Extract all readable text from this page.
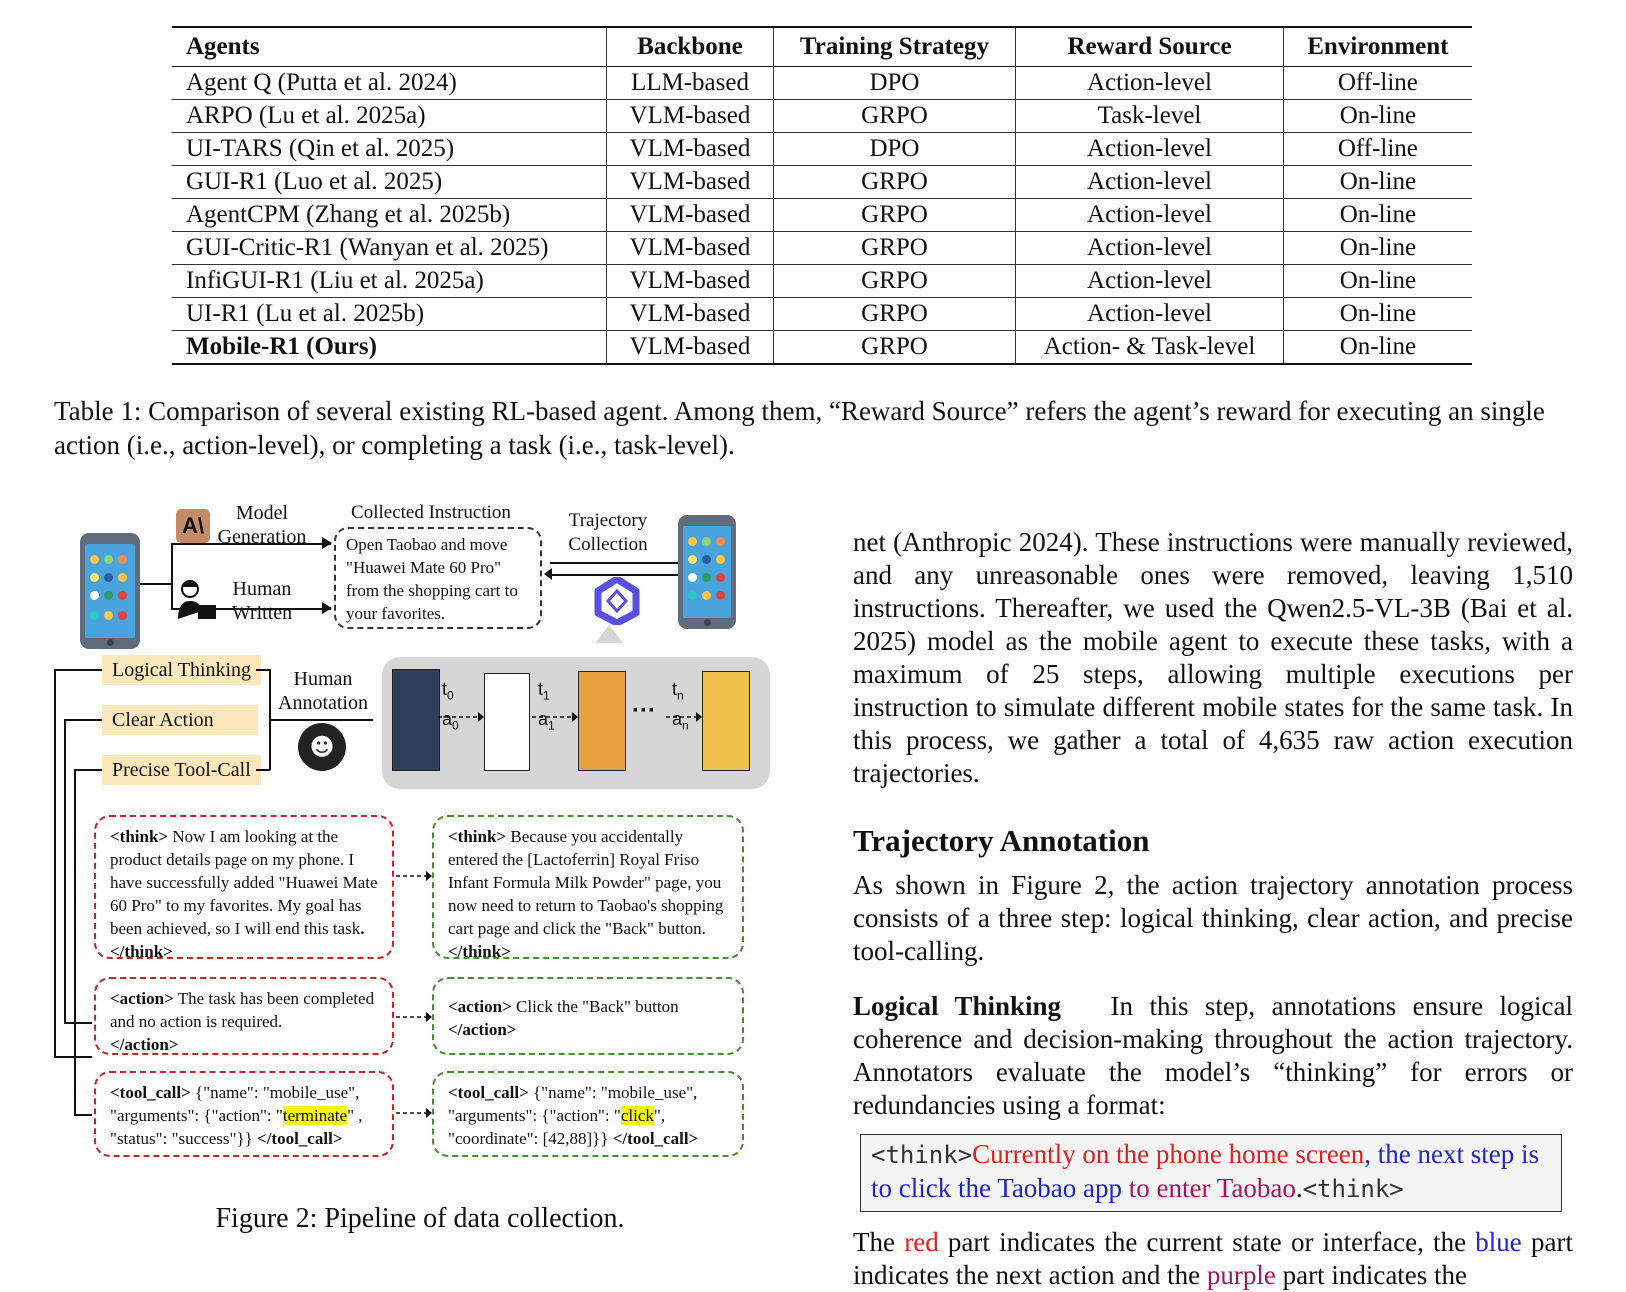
Agents	Backbone	Training Strategy	Reward Source	Environment
Agent Q (Putta et al. 2024)	LLM-based	DPO	Action-level	Off-line
ARPO (Lu et al. 2025a)	VLM-based	GRPO	Task-level	On-line
UI-TARS (Qin et al. 2025)	VLM-based	DPO	Action-level	Off-line
GUI-R1 (Luo et al. 2025)	VLM-based	GRPO	Action-level	On-line
AgentCPM (Zhang et al. 2025b)	VLM-based	GRPO	Action-level	On-line
GUI-Critic-R1 (Wanyan et al. 2025)	VLM-based	GRPO	Action-level	On-line
InfiGUI-R1 (Liu et al. 2025a)	VLM-based	GRPO	Action-level	On-line
UI-R1 (Lu et al. 2025b)	VLM-based	GRPO	Action-level	On-line
Mobile-R1 (Ours)	VLM-based	GRPO	Action- & Task-level	On-line
Table 1: Comparison of several existing RL-based agent. Among them, “Reward Source” refers the agent’s reward for executing an single action (i.e., action-level), or completing a task (i.e., task-level).
A\	Model Generation
Human Written
Collected Instruction
Open Taobao and move "Huawei Mate 60 Pro" from the shopping cart to your favorites.
Trajectory Collection
Logical Thinking
Clear Action
Precise Tool-Call
Human Annotation
☻
$t_0$
$a_0$
$t_1$
$a_1$
$t_n$
$a_n$
···
<think> Now I am looking at the product details page on my phone. I have successfully added "Huawei Mate 60 Pro" to my favorites. My goal has been achieved, so I will end this task. </think>
<think> Because you accidentally entered the [Lactoferrin] Royal Friso Infant Formula Milk Powder" page, you now need to return to Taobao's shopping cart page and click the "Back" button. </think>
<action> The task has been completed and no action is required.
</action>
<action> Click the "Back" button
</action>
<tool_call> {"name": "mobile_use", "arguments": {"action": "terminate" , "status": "success"}} </tool_call>
<tool_call> {"name": "mobile_use", "arguments": {"action": "click", "coordinate": [42,88]}} </tool_call>
Figure 2: Pipeline of data collection.
net (Anthropic 2024). These instructions were manually reviewed, and any unreasonable ones were removed, leaving 1,510 instructions. Thereafter, we used the Qwen2.5-VL-3B (Bai et al. 2025) model as the mobile agent to execute these tasks, with a maximum of 25 steps, allowing multiple executions per instruction to simulate different mobile states for the same task. In this process, we gather a total of 4,635 raw action execution trajectories.
Trajectory Annotation
As shown in Figure 2, the action trajectory annotation process consists of a three step: logical thinking, clear action, and precise tool-calling.
Logical Thinking In this step, annotations ensure logical coherence and decision-making throughout the action trajectory. Annotators evaluate the model’s “thinking” for errors or redundancies using a format:
<think>Currently on the phone home screen, the next step is to click the Taobao app to enter Taobao.<think>
The red part indicates the current state or interface, the blue part indicates the next action and the purple part indicates the
